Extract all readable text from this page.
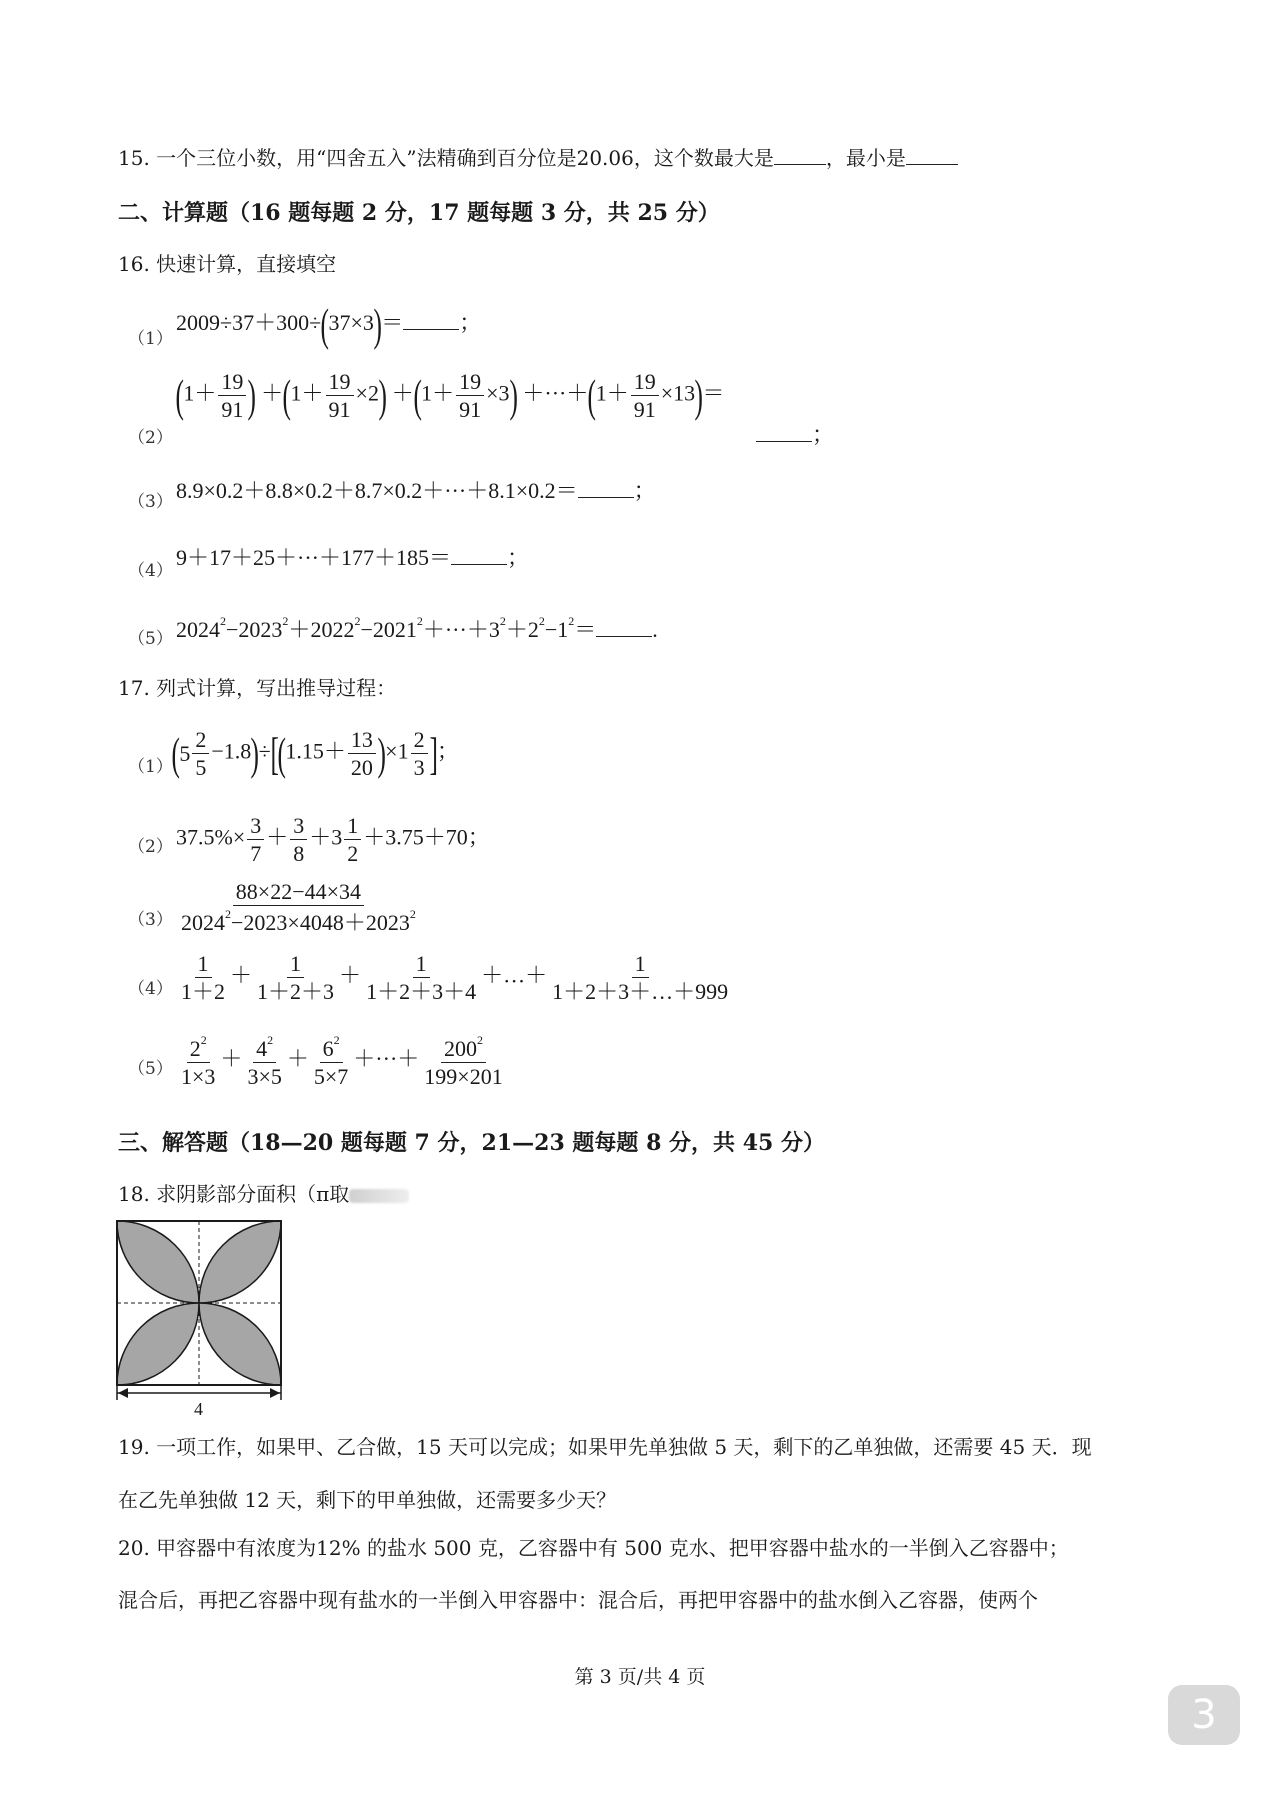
15. 一个三位小数，用“四舍五入”法精确到百分位是20.06，这个数最大是	，最小是
二、计算题（16 题每题 2 分，17 题每题 3 分，共 25 分）
16. 快速计算，直接填空
（1）
2009÷37＋300÷(37×3)＝	；
（2）
($1+ \frac{19}{91}$ ) $+(1+ \frac{19}{91} \times 2) +(1+ \frac{19}{91} \times 3) +\cdot\cdot\cdot+(1+ \frac{19}{91} \times 13)=$
；
（3） 8.9×0.2＋8.8×0.2＋8.7×0.2＋···＋8.1×0.2＝	；
（4）
9＋17＋25＋···＋177＋185＝	；
（5） $2024^2-2023^2+2022^2-2021^2+\cdot\cdot\cdot+3^2+2^2-1^2=$	.
17. 列式计算，写出推导过程：
（1）
( $5 \frac{2}{5} -1.8)\div[(1.15+ \frac{13}{20} )\times 1 \frac{2}{3}$ ]；
（2） $37.5\%\times \frac{3}{7} + \frac{3}{8} +3 \frac{1}{2} +3.75+70$；
$(3) \frac{88\times 22-44\times 34}{2024^2-2023\times 4048+2023^2}$
$(4) \frac{1}{1+2} + \frac{1}{1+2+3} + \frac{1}{1+2+3+4}$ ＋…＋ $\frac{1}{1+2+3+\dots+999}$
$(5) \frac{2^2}{1\times 3} + \frac{4^2}{3\times 5} + \frac{6^2}{5\times 7}$ ＋···＋ $\frac{200^2}{199\times 201}$
三、解答题（18—20 题每题 7 分，21—23 题每题 8 分，共 45 分）
18. 求阴影部分面积（π取
4
19. 一项工作，如果甲、乙合做，15 天可以完成；如果甲先单独做 5 天，剩下的乙单独做，还需要 45 天．现
在乙先单独做 12 天，剩下的甲单独做，还需要多少天？
20. 甲容器中有浓度为12% 的盐水 500 克，乙容器中有 500 克水、把甲容器中盐水的一半倒入乙容器中；
混合后，再把乙容器中现有盐水的一半倒入甲容器中：混合后，再把甲容器中的盐水倒入乙容器，使两个
第 3 页/共 4 页
3
